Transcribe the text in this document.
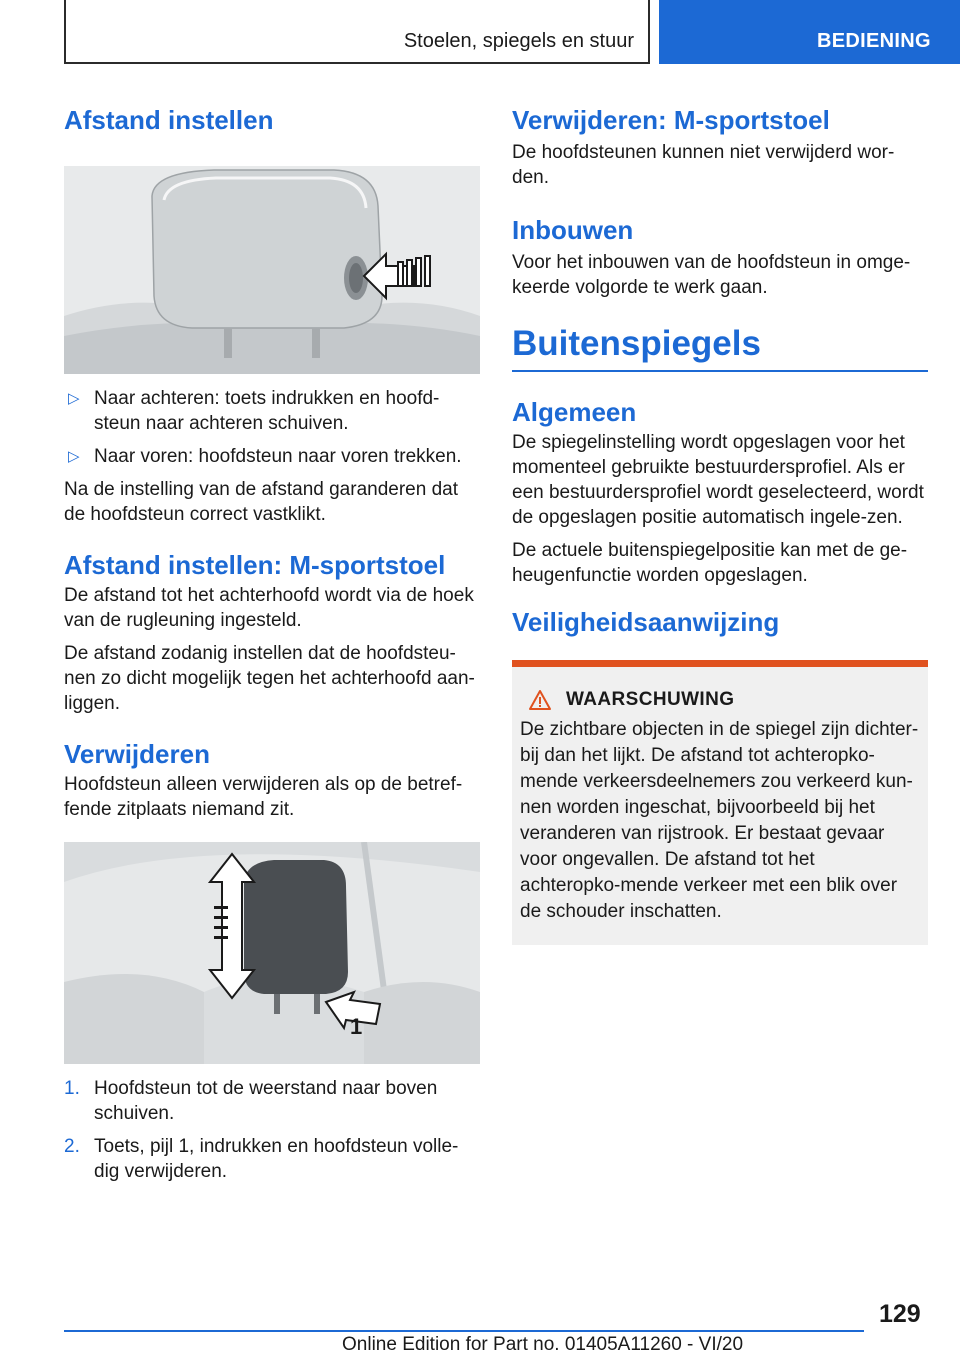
Stoelen, spiegels en stuur	BEDIENING
Afstand instellen
▷ Naar achteren: toets indrukken en hoofd-steun naar achteren schuiven.
▷ Naar voren: hoofdsteun naar voren trekken.

Na de instelling van de afstand garanderen dat de hoofdsteun correct vastklikt.

Afstand instellen: M-sportstoel

De afstand tot het achterhoofd wordt via de hoek van de rugleuning ingesteld.

De afstand zodanig instellen dat de hoofdsteu-nen zo dicht mogelijk tegen het achterhoofd aan-liggen.

Verwijderen

Hoofdsteun alleen verwijderen als op de betref-fende zitplaats niemand zit.

1
1. Hoofdsteun tot de weerstand naar boven schuiven.
2. Toets, pijl 1, indrukken en hoofdsteun volle-dig verwijderen.
Verwijderen: M-sportstoel

De hoofdsteunen kunnen niet verwijderd wor-den.

Inbouwen

Voor het inbouwen van de hoofdsteun in omge-keerde volgorde te werk gaan.

Buitenspiegels
Algemeen

De spiegelinstelling wordt opgeslagen voor het momenteel gebruikte bestuurdersprofiel. Als er een bestuurdersprofiel wordt geselecteerd, wordt de opgeslagen positie automatisch ingele-zen.

De actuele buitenspiegelpositie kan met de ge-heugenfunctie worden opgeslagen.

Veiligheidsaanwijzing
WAARSCHUWING

De zichtbare objecten in de spiegel zijn dichter-bij dan het lijkt. De afstand tot achteropko-mende verkeersdeelnemers zou verkeerd kun-nen worden ingeschat, bijvoorbeeld bij het veranderen van rijstrook. Er bestaat gevaar voor ongevallen. De afstand tot het achteropko-mende verkeer met een blik over de schouder inschatten.

129
Online Edition for Part no. 01405A11260 - VI/20
